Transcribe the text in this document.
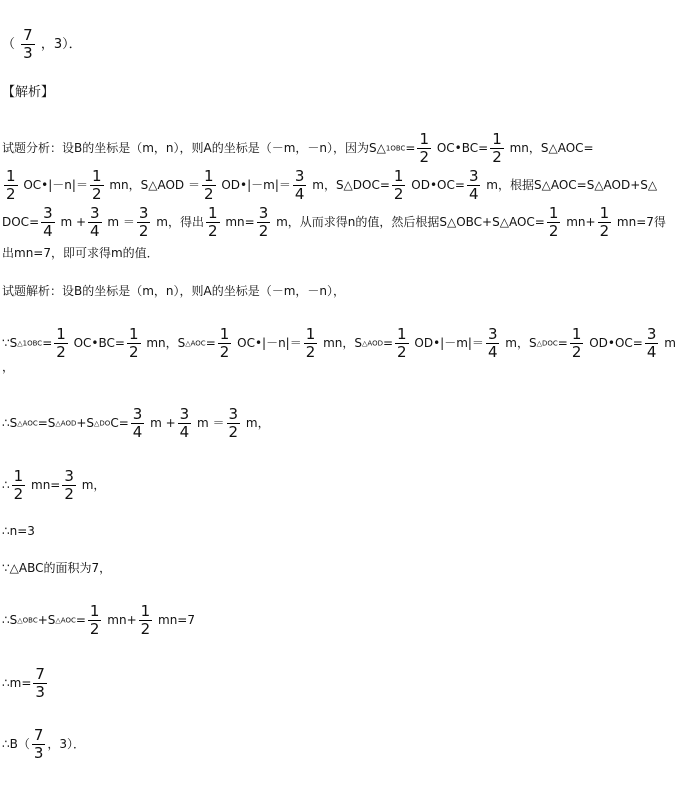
（ $\frac{7}{3}$ ，3）．
【解析】
试题分析：设B的坐标是（m，n），则A的坐标是（－m，－n），因为S△1OBC= $\frac{1}{2}$ OC•BC= $\frac{1}{2}$ mn，S△AOC=
$\frac{1}{2}$ OC•|－n|＝ $\frac{1}{2}$ mn，S△AOD ＝ $\frac{1}{2}$ OD•|－m|＝ $\frac{3}{4}$ m，S△DOC= $\frac{1}{2}$ OD•OC= $\frac{3}{4}$ m，根据S△AOC=S△AOD+S△
$DOC= \frac{3}{4}$ $m + \frac{3}{4}$ $m = \frac{3}{2}$ m，得出 $\frac{1}{2} mn= \frac{3}{2}$ m，从而求得n的值，然后根据S△OBC+S△AOC= $\frac{1}{2} mn+ \frac{1}{2} mn=7$得
出mn=7，即可求得m的值．
试题解析：设B的坐标是（m，n），则A的坐标是（－m，－n），
∵S△1OBC= $\frac{1}{2}$ OC•BC= $\frac{1}{2}$ mn，S△AOC= $\frac{1}{2}$ OC•|－n|＝ $\frac{1}{2}$ mn，S△AOD= $\frac{1}{2}$ OD•|－m|＝ $\frac{3}{4}$ m，S△DOC= $\frac{1}{2}$ OD•OC= $\frac{3}{4}$ m
，
∴S△AOC=S△AOD+S△DOC= $\frac{3}{4}$ $m + \frac{3}{4}$ $m = \frac{3}{2}$ m，
∴ $\frac{1}{2} mn= \frac{3}{2}$ m，
∴n=3
∵△ABC的面积为7，
∴S△OBC+S△AOC= $\frac{1}{2} mn+ \frac{1}{2} mn=7$
∴m= $\frac{7}{3}$
∴B（ $\frac{7}{3}$ ，3）．
